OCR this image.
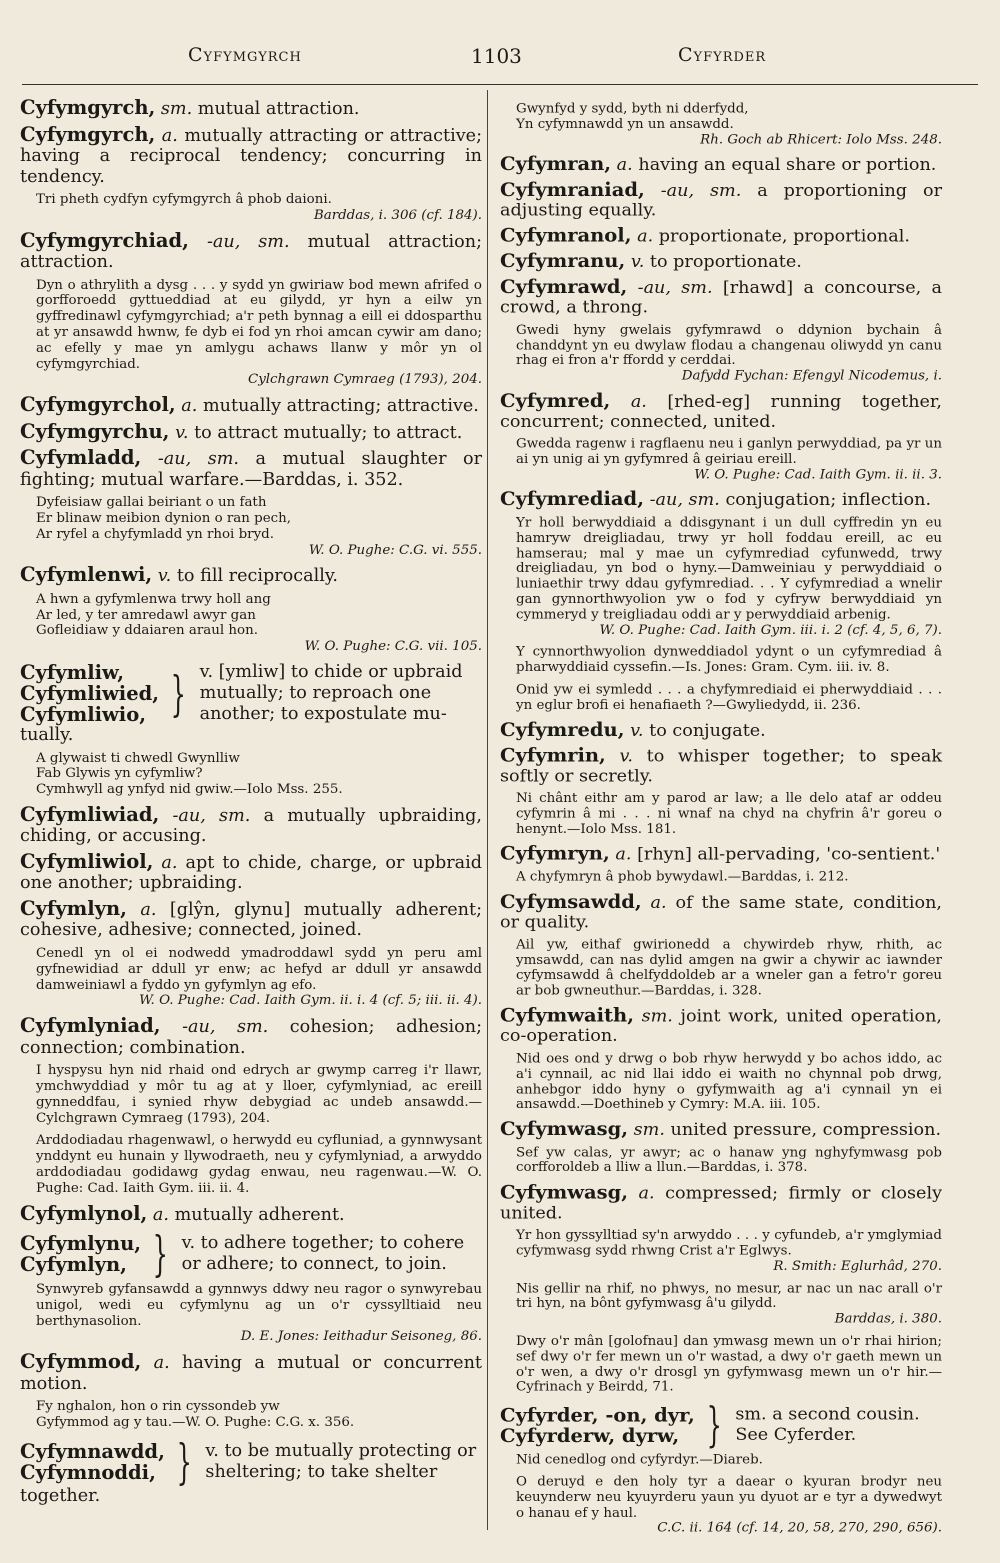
Cyfymgyrch	1103	Cyfyrder
Cyfymgyrch, sm. mutual attraction.
Cyfymgyrch, a. mutually attracting or attractive; having a reciprocal tendency; concurring in tendency.
Tri pheth cydfyn cyfymgyrch â phob daioni.
Barddas, i. 306 (cf. 184).
Cyfymgyrchiad, -au, sm. mutual attraction; attraction.
Dyn o athrylith a dysg . . . y sydd yn gwiriaw bod mewn afrifed o gorfforoedd gyttueddiad at eu gilydd, yr hyn a eilw yn gyffredinawl cyfymgyrchiad; a'r peth bynnag a eill ei ddosparthu at yr ansawdd hwnw, fe dyb ei fod yn rhoi amcan cywir am dano; ac efelly y mae yn amlygu achaws llanw y môr yn ol cyfymgyrchiad.
Cylchgrawn Cymraeg (1793), 204.
Cyfymgyrchol, a. mutually attracting; attractive.
Cyfymgyrchu, v. to attract mutually; to attract.
Cyfymladd, -au, sm. a mutual slaughter or fighting; mutual warfare.—Barddas, i. 352.
Dyfeisiaw gallai beiriant o un fath
Er blinaw meibion dynion o ran pech,
Ar ryfel a chyfymladd yn rhoi bryd.
W. O. Pughe: C.G. vi. 555.
Cyfymlenwi, v. to fill reciprocally.
A hwn a gyfymlenwa trwy holl ang
Ar led, y ter amredawl awyr gan
Gofleidiaw y ddaiaren araul hon.
W. O. Pughe: C.G. vii. 105.
Cyfymliw,
Cyfymliwied,
Cyfymliwio, } v. [ymliw] to chide or upbraid mutually; to reproach one another; to expostulate mu-
tually.
A glywaist ti chwedl Gwynlliw
Fab Glywis yn cyfymliw?
Cymhwyll ag ynfyd nid gwiw.—Iolo Mss. 255.
Cyfymliwiad, -au, sm. a mutually upbraiding, chiding, or accusing.
Cyfymliwiol, a. apt to chide, charge, or upbraid one another; upbraiding.
Cyfymlyn, a. [glŷn, glynu] mutually adherent; cohesive, adhesive; connected, joined.
Cenedl yn ol ei nodwedd ymadroddawl sydd yn peru aml gyfnewidiad ar ddull yr enw; ac hefyd ar ddull yr ansawdd damweiniawl a fyddo yn gyfymlyn ag efo.
W. O. Pughe: Cad. Iaith Gym. ii. i. 4 (cf. 5; iii. ii. 4).
Cyfymlyniad, -au, sm. cohesion; adhesion; connection; combination.
I hyspysu hyn nid rhaid ond edrych ar gwymp carreg i'r llawr, ymchwyddiad y môr tu ag at y lloer, cyfymlyniad, ac ereill gynneddfau, i synied rhyw debygiad ac undeb ansawdd.—Cylchgrawn Cymraeg (1793), 204.
Arddodiadau rhagenwawl, o herwydd eu cyfluniad, a gynnwysant ynddynt eu hunain y llywodraeth, neu y cyfymlyniad, a arwyddo arddodiadau godidawg gydag enwau, neu ragenwau.—W. O. Pughe: Cad. Iaith Gym. iii. ii. 4.
Cyfymlynol, a. mutually adherent.
Cyfymlynu,
Cyfymlyn, } v. to adhere together; to cohere or adhere; to connect, to join.
Synwyreb gyfansawdd a gynnwys ddwy neu ragor o synwyrebau unigol, wedi eu cyfymlynu ag un o'r cyssylltiaid neu berthynasolion.
D. E. Jones: Ieithadur Seisoneg, 86.
Cyfymmod, a. having a mutual or concurrent motion.
Fy nghalon, hon o rin cyssondeb yw
Gyfymmod ag y tau.—W. O. Pughe: C.G. x. 356.
Cyfymnawdd,
Cyfymnoddi, } v. to be mutually protecting or sheltering; to take shelter
together.
Gwynfyd y sydd, byth ni dderfydd,
Yn cyfymnawdd yn un ansawdd.
Rh. Goch ab Rhicert: Iolo Mss. 248.
Cyfymran, a. having an equal share or portion.
Cyfymraniad, -au, sm. a proportioning or adjusting equally.
Cyfymranol, a. proportionate, proportional.
Cyfymranu, v. to proportionate.
Cyfymrawd, -au, sm. [rhawd] a concourse, a crowd, a throng.
Gwedi hyny gwelais gyfymrawd o ddynion bychain â chanddynt yn eu dwylaw flodau a changenau oliwydd yn canu rhag ei fron a'r ffordd y cerddai.
Dafydd Fychan: Efengyl Nicodemus, i.
Cyfymred, a. [rhed-eg] running together, concurrent; connected, united.
Gwedda ragenw i ragflaenu neu i ganlyn perwyddiad, pa yr un ai yn unig ai yn gyfymred â geiriau ereill.
W. O. Pughe: Cad. Iaith Gym. ii. ii. 3.
Cyfymrediad, -au, sm. conjugation; inflection.
Yr holl berwyddiaid a ddisgynant i un dull cyffredin yn eu hamryw dreigliadau, trwy yr holl foddau ereill, ac eu hamserau; mal y mae un cyfymrediad cyfunwedd, trwy dreigliadau, yn bod o hyny.—Damweiniau y perwyddiaid o luniaethir trwy ddau gyfymrediad. . . Y cyfymrediad a wnelir gan gynnorthwyolion yw o fod y cyfryw berwyddiaid yn cymmeryd y treigliadau oddi ar y perwyddiaid arbenig.
W. O. Pughe: Cad. Iaith Gym. iii. i. 2 (cf. 4, 5, 6, 7).
Y cynnorthwyolion dynweddiadol ydynt o un cyfymrediad â pharwyddiaid cyssefin.—Is. Jones: Gram. Cym. iii. iv. 8.
Onid yw ei symledd . . . a chyfymrediaid ei pherwyddiaid . . . yn eglur brofi ei henafiaeth ?—Gwyliedydd, ii. 236.
Cyfymredu, v. to conjugate.
Cyfymrin, v. to whisper together; to speak softly or secretly.
Ni chânt eithr am y parod ar law; a lle delo ataf ar oddeu cyfymrin â mi . . . ni wnaf na chyd na chyfrin â'r goreu o henynt.—Iolo Mss. 181.
Cyfymryn, a. [rhyn] all-pervading, 'co-sentient.'
A chyfymryn â phob bywydawl.—Barddas, i. 212.
Cyfymsawdd, a. of the same state, condition, or quality.
Ail yw, eithaf gwirionedd a chywirdeb rhyw, rhith, ac ymsawdd, can nas dylid amgen na gwir a chywir ac iawnder cyfymsawdd â chelfyddoldeb ar a wneler gan a fetro'r goreu ar bob gwneuthur.—Barddas, i. 328.
Cyfymwaith, sm. joint work, united operation, co-operation.
Nid oes ond y drwg o bob rhyw herwydd y bo achos iddo, ac a'i cynnail, ac nid llai iddo ei waith no chynnal pob drwg, anhebgor iddo hyny o gyfymwaith ag a'i cynnail yn ei ansawdd.—Doethineb y Cymry: M.A. iii. 105.
Cyfymwasg, sm. united pressure, compression.
Sef yw calas, yr awyr; ac o hanaw yng nghyfymwasg pob corfforoldeb a lliw a llun.—Barddas, i. 378.
Cyfymwasg, a. compressed; firmly or closely united.
Yr hon gyssylltiad sy'n arwyddo . . . y cyfundeb, a'r ymglymiad cyfymwasg sydd rhwng Crist a'r Eglwys.
R. Smith: Eglurhâd, 270.
Nis gellir na rhif, no phwys, no mesur, ar nac un nac arall o'r tri hyn, na bônt gyfymwasg â'u gilydd.
Barddas, i. 380.
Dwy o'r mân [golofnau] dan ymwasg mewn un o'r rhai hirion; sef dwy o'r fer mewn un o'r wastad, a dwy o'r gaeth mewn un o'r wen, a dwy o'r drosgl yn gyfymwasg mewn un o'r hir.—Cyfrinach y Beirdd, 71.
Cyfyrder, -on, dyr,
Cyfyrderw, dyrw, } sm. a second cousin. See Cyferder.
Nid cenedlog ond cyfyrdyr.—Diareb.
O deruyd e den holy tyr a daear o kyuran brodyr neu keuynderw neu kyuyrderu yaun yu dyuot ar e tyr a dywedwyt o hanau ef y haul.
C.C. ii. 164 (cf. 14, 20, 58, 270, 290, 656).
